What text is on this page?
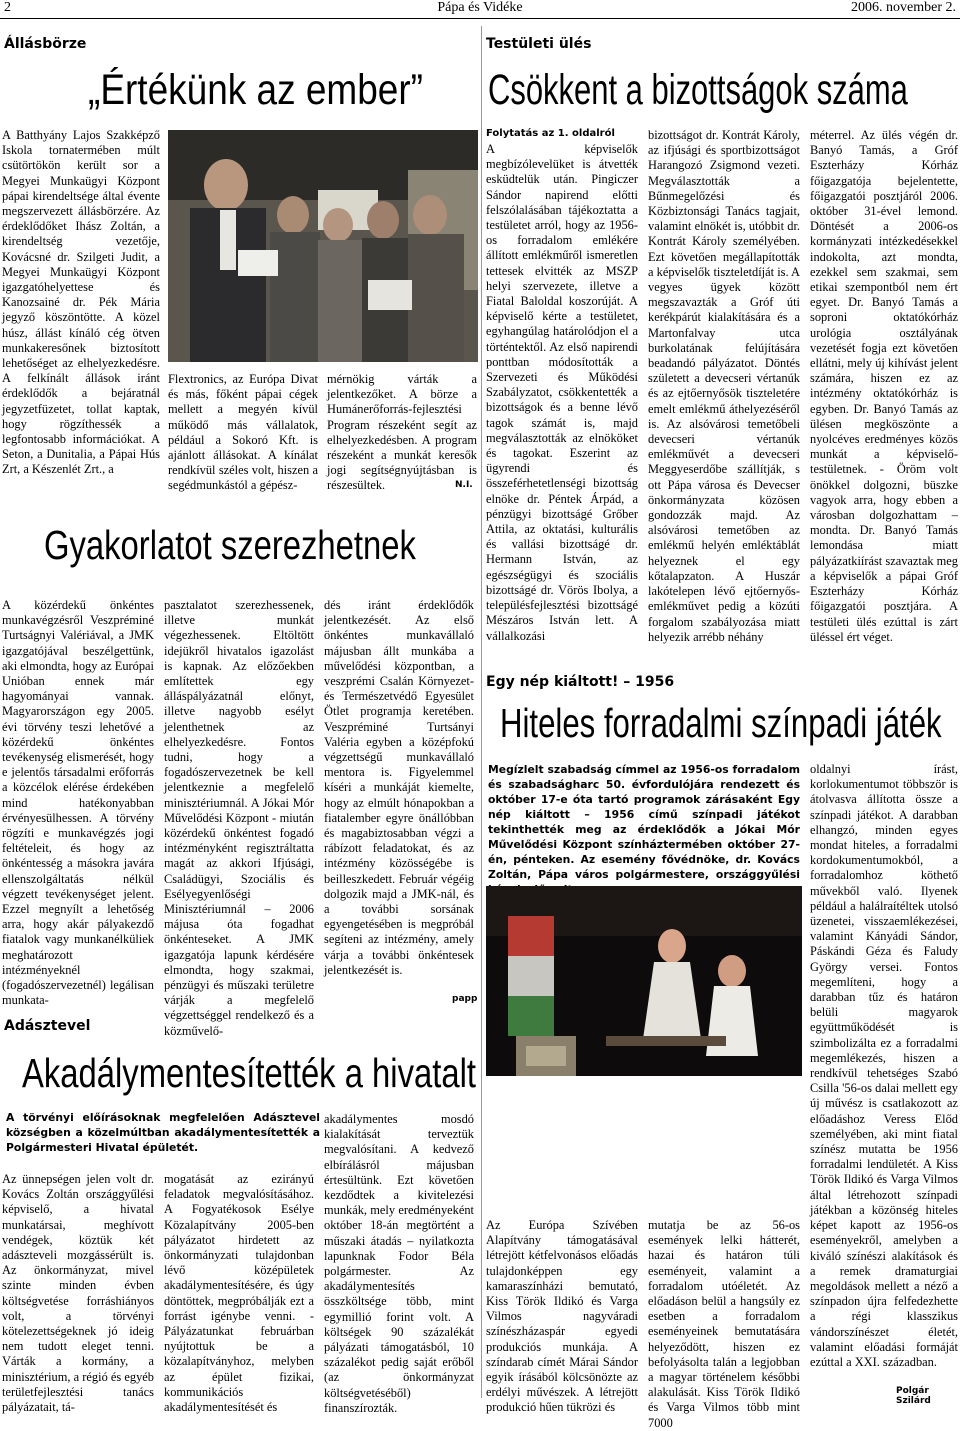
2	Pápa és Vidéke	2006. november 2.
Állásbörze
„Értékünk az ember”
A Batthyány Lajos Szakképző Iskola tornatermében múlt csütörtökön került sor a Megyei Munkaügyi Központ pápai kirendeltsége által évente megszervezett állásbörzére. Az érdeklődőket Ihász Zoltán, a kirendeltség vezetője, Kovácsné dr. Szilgeti Judit, a Megyei Munkaügyi Központ igazgatóhelyettese és Kanozsainé dr. Pék Mária jegyző köszöntötte. A közel húsz, állást kínáló cég ötven munkakeresőnek biztosított lehetőséget az elhelyezkedésre. A felkínált állások iránt érdeklődők a bejáratnál jegyzetfüzetet, tollat kaptak, hogy rögzíthessék a legfontosabb információkat. A Seton, a Dunitalia, a Pápai Hús Zrt, a Készenlét Zrt., a
Flextronics, az Európa Divat és más, főként pápai cégek mellett a megyén kívül működő más vállalatok, például a Sokoró Kft. is ajánlott állásokat. A kínálat rendkívül széles volt, hiszen a segédmunkástól a gépész-
mérnökig várták a jelentkezőket. A börze a Humánerőforrás-fejlesztési Program részeként segít az elhelyezkedésben. A program részeként a munkát keresők jogi segítségnyújtásban is részesültek.	N.I.
Gyakorlatot szerezhetnek
A közérdekű önkéntes munkavégzésről Veszpréminé Turtságnyi Valériával, a JMK igazgatójával beszélgettünk, aki elmondta, hogy az Európai Unióban ennek már hagyományai vannak. Magyarországon egy 2005. évi törvény teszi lehetővé a közérdekű önkéntes tevékenység elismerését, hogy e jelentős társadalmi erőforrás a közcélok elérése érdekében mind hatékonyabban érvényesülhessen. A törvény rögzíti e munkavégzés jogi feltételeit, és hogy az önkéntesség a másokra javára ellenszolgáltatás nélkül végzett tevékenységet jelent. Ezzel megnyílt a lehetőség arra, hogy akár pályakezdő fiatalok vagy munkanélküliek meghatározott intézményeknél (fogadószervezetnél) legálisan munkata-
pasztalatot szerezhessenek, illetve munkát végezhessenek. Eltöltött idejükről hivatalos igazolást is kapnak. Az előzőekben említettek egy álláspályázatnál előnyt, illetve nagyobb esélyt jelenthetnek az elhelyezkedésre. Fontos tudni, hogy a fogadószervezetnek be kell jelentkeznie a megfelelő minisztériumnál. A Jókai Mór Művelődési Központ - miután közérdekű önkéntest fogadó intézményként regisztráltatta magát az akkori Ifjúsági, Családügyi, Szociális és Esélyegyenlőségi Minisztériumnál – 2006 májusa óta fogadhat önkénteseket. A JMK igazgatója lapunk kérdésére elmondta, hogy szakmai, pénzügyi és műszaki területre várják a megfelelő végzettséggel rendelkező és a közművelő-
dés iránt érdeklődők jelentkezését. Az első önkéntes munkavállaló májusban állt munkába a művelődési központban, a veszprémi Csalán Környezet- és Természetvédő Egyesület Ötlet programja keretében. Veszpréminé Turtsányi Valéria egyben a középfokú végzettségű munkavállaló mentora is. Figyelemmel kíséri a munkáját kiemelte, hogy az elmúlt hónapokban a fiatalember egyre önállóbban és magabiztosabban végzi a rábízott feladatokat, és az intézmény közösségébe is beilleszkedett. Február végéig dolgozik majd a JMK-nál, és a további sorsának egyengetésében is megpróbál segíteni az intézmény, amely várja a további önkéntesek jelentkezését is.
papp
Adásztevel
Akadálymentesítették a hivatalt
A törvényi előírásoknak megfelelően Adásztevel községben a közelmúltban akadálymentesítették a Polgármesteri Hivatal épületét.
Az ünnepségen jelen volt dr. Kovács Zoltán országgyűlési képviselő, a hivatal munkatársai, meghívott vendégek, köztük két adászteveli mozgássérült is. Az önkormányzat, mivel szinte minden évben költségvetése forráshiányos volt, a törvényi kötelezettségeknek jó ideig nem tudott eleget tenni. Várták a kormány, a minisztérium, a régió és egyéb területfejlesztési tanács pályázatait, tá-
mogatását az ezirányú feladatok megvalósításához. A Fogyatékosok Esélye Közalapítvány 2005-ben pályázatot hirdetett az önkormányzati tulajdonban lévő középületek akadálymentesítésére, és úgy döntöttek, megpróbálják ezt a forrást igénybe venni. - Pályázatunkat februárban nyújtottuk be a közalapítványhoz, melyben az épület fizikai, kommunikációs akadálymentesítését és
akadálymentes mosdó kialakítását terveztük megvalósítani. A kedvező elbírálásról májusban értesültünk. Ezt követően kezdődtek a kivitelezési munkák, mely eredményeként október 18-án megtörtént a műszaki átadás – nyilatkozta lapunknak Fodor Béla polgármester. Az akadálymentesítés összköltsége több, mint egymillió forint volt. A költségek 90 százalékát pályázati támogatásból, 10 százalékot pedig saját erőből (az önkormányzat költségvetéséből) finanszírozták.
Testületi ülés
Csökkent a bizottságok száma
Folytatás az 1. oldalról
A képviselők megbízólevelüket is átvették esküdtelük után. Pingiczer Sándor napirend előtti felszólalásában tájékoztatta a testületet arról, hogy az 1956-os forradalom emlékére állított emlékműről ismeretlen tettesek elvitték az MSZP helyi szervezete, illetve a Fiatal Baloldal koszorúját. A képviselő kérte a testületet, egyhangúlag határolódjon el a történtektől. Az első napirendi ponttban módosították a Szervezeti és Működési Szabályzatot, csökkentették a bizottságok és a benne lévő tagok számát is, majd megválasztották az elnököket és tagokat. Eszerint az ügyrendi és összeférhetetlenségi bizottság elnöke dr. Péntek Árpád, a pénzügyi bizottságé Grőber Attila, az oktatási, kulturális és vallási bizottságé dr. Hermann István, az egészségügyi és szociális bizottságé dr. Vörös Ibolya, a településfejlesztési bizottságé Mészáros István lett. A vállalkozási
bizottságot dr. Kontrát Károly, az ifjúsági és sportbizottságot Harangozó Zsigmond vezeti. Megválasztották a Bűnmegelőzési és Közbiztonsági Tanács tagjait, valamint elnökét is, utóbbit dr. Kontrát Károly személyében. Ezt követően megállapították a képviselők tiszteletdíját is. A vegyes ügyek között megszavazták a Gróf úti kerékpárút kialakítására és a Martonfalvay utca burkolatának felújítására beadandó pályázatot. Döntés született a devecseri vértanúk és az ejtőernyősök tiszteletére emelt emlékmű áthelyezéséről is. Az alsóvárosi temetőbeli devecseri vértanúk emlékművét a devecseri Meggyeserdőbe szállítják, s ott Pápa városa és Devecser önkormányzata közösen gondozzák majd. Az alsóvárosi temetőben az emlékmű helyén emléktáblát helyeznek el egy kőtalapzaton. A Huszár lakótelepen lévő ejtőernyős-emlékművet pedig a közúti forgalom szabályozása miatt helyezik arrébb néhány
méterrel. Az ülés végén dr. Banyó Tamás, a Gróf Eszterházy Kórház főigazgatója bejelentette, főigazgatói posztjáról 2006. október 31-ével lemond. Döntését a 2006-os kormányzati intézkedésekkel indokolta, azt mondta, ezekkel sem szakmai, sem etikai szempontból nem ért egyet. Dr. Banyó Tamás a soproni oktatókórház urológia osztályának vezetését fogja ezt követően ellátni, mely új kihívást jelent számára, hiszen ez az intézmény oktatókórház is egyben. Dr. Banyó Tamás az ülésen megköszönte a nyolcéves eredményes közös munkát a képviselő-testületnek. - Öröm volt önökkel dolgozni, büszke vagyok arra, hogy ebben a városban dolgozhattam – mondta. Dr. Banyó Tamás lemondása miatt pályázatkiírást szavaztak meg a képviselők a pápai Gróf Eszterházy Kórház főigazgatói posztjára. A testületi ülés ezúttal is zárt üléssel ért véget.
Egy nép kiáltott! – 1956
Hiteles forradalmi színpadi játék
Megízlelt szabadság címmel az 1956-os forradalom és szabadságharc 50. évfordulójára rendezett és október 17-e óta tartó programok zárásaként Egy nép kiáltott – 1956 című színpadi játékot tekinthették meg az érdeklődők a Jókai Mór Művelődési Központ színháztermében október 27-én, pénteken. Az esemény fővédnöke, dr. Kovács Zoltán, Pápa város polgármestere, országgyűlési
oldalnyi írást, korlokumentumot többször is átolvasva állította össze a színpadi játékot. A darabban elhangzó, minden egyes mondat hiteles, a forradalmi kordokumentumokból, a forradalomhoz köthető művekből való. Ilyenek például a halálraítéltek utolsó üzenetei, visszaemlékezései, valamint Kányádi Sándor, Páskándi Géza és Faludy György versei. Fontos megemlíteni, hogy a darabban tűz és határon belüli magyarok együttműködését is szimbolizálta ez a forradalmi megemlékezés, hiszen a rendkívül tehetséges Szabó Csilla '56-os dalai mellett egy új művész is csatlakozott az előadáshoz Veress Előd személyében, aki mint fiatal színész mutatta be 1956 forradalmi lendületét. A Kiss Török Ildikó és Varga Vilmos által létrehozott színpadi játékban a közönség hiteles képet kapott az 1956-os eseményekről, amelyben a kiváló színészi alakítások és a remek dramaturgiai megoldások mellett a néző a színpadon újra felfedezhette a régi klasszikus vándorszínészet életét, valamint előadási formáját ezúttal a XXI. században.
Az Európa Szívében Alapítvány támogatásával létrejött kétfelvonásos előadás tulajdonképpen egy kamaraszínházi bemutató, Kiss Török Ildikó és Varga Vilmos nagyváradi színészházaspár egyedi produkciós munkája. A színdarab címét Márai Sándor egyik írásából kölcsönözte az erdélyi művészek. A létrejött produkció hűen tükrözi és
mutatja be az 56-os események lelki hátterét, hazai és határon túli eseményeit, valamint a forradalom utóéletét. Az előadáson belül a hangsúly ez esetben a forradalom eseményeinek bemutatására helyeződött, hiszen ez befolyásolta talán a legjobban a magyar történelem későbbi alakulását. Kiss Török Ildikó és Varga Vilmos több mint 7000
Polgár Szilárd
